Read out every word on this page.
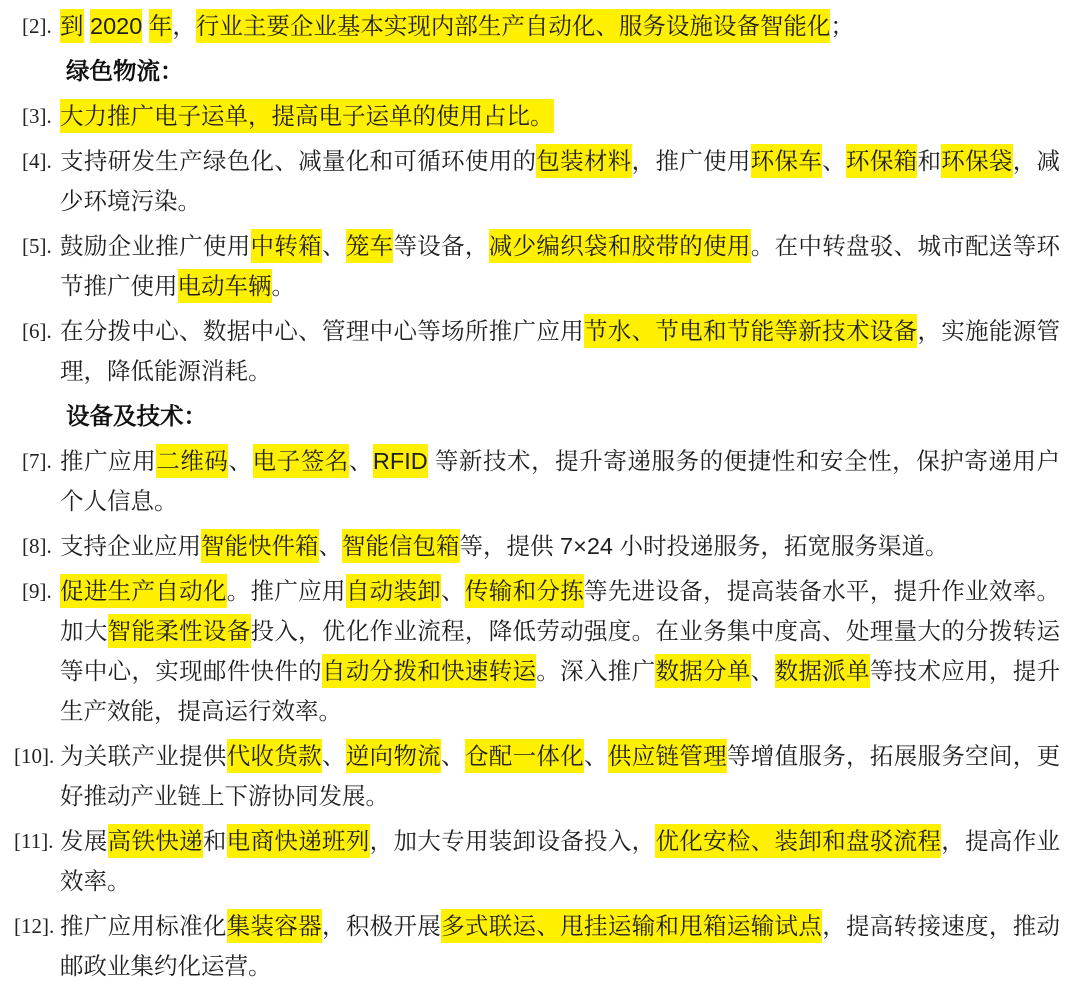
[2]. 到 2020 年，行业主要企业基本实现内部生产自动化、服务设施设备智能化；
绿色物流：
[3]. 大力推广电子运单，提高电子运单的使用占比。
[4]. 支持研发生产绿色化、减量化和可循环使用的包装材料，推广使用环保车、环保箱和环保袋，减少环境污染。
[5]. 鼓励企业推广使用中转箱、笼车等设备，减少编织袋和胶带的使用。在中转盘驳、城市配送等环节推广使用电动车辆。
[6]. 在分拨中心、数据中心、管理中心等场所推广应用节水、节电和节能等新技术设备，实施能源管理，降低能源消耗。
设备及技术：
[7]. 推广应用二维码、电子签名、RFID 等新技术，提升寄递服务的便捷性和安全性，保护寄递用户个人信息。
[8]. 支持企业应用智能快件箱、智能信包箱等，提供 7×24 小时投递服务，拓宽服务渠道。
[9]. 促进生产自动化。推广应用自动装卸、传输和分拣等先进设备，提高装备水平，提升作业效率。加大智能柔性设备投入，优化作业流程，降低劳动强度。在业务集中度高、处理量大的分拨转运等中心，实现邮件快件的自动分拨和快速转运。深入推广数据分单、数据派单等技术应用，提升生产效能，提高运行效率。
[10]. 为关联产业提供代收货款、逆向物流、仓配一体化、供应链管理等增值服务，拓展服务空间，更好推动产业链上下游协同发展。
[11]. 发展高铁快递和电商快递班列，加大专用装卸设备投入，优化安检、装卸和盘驳流程，提高作业效率。
[12]. 推广应用标准化集装容器，积极开展多式联运、甩挂运输和甩箱运输试点，提高转接速度，推动邮政业集约化运营。
